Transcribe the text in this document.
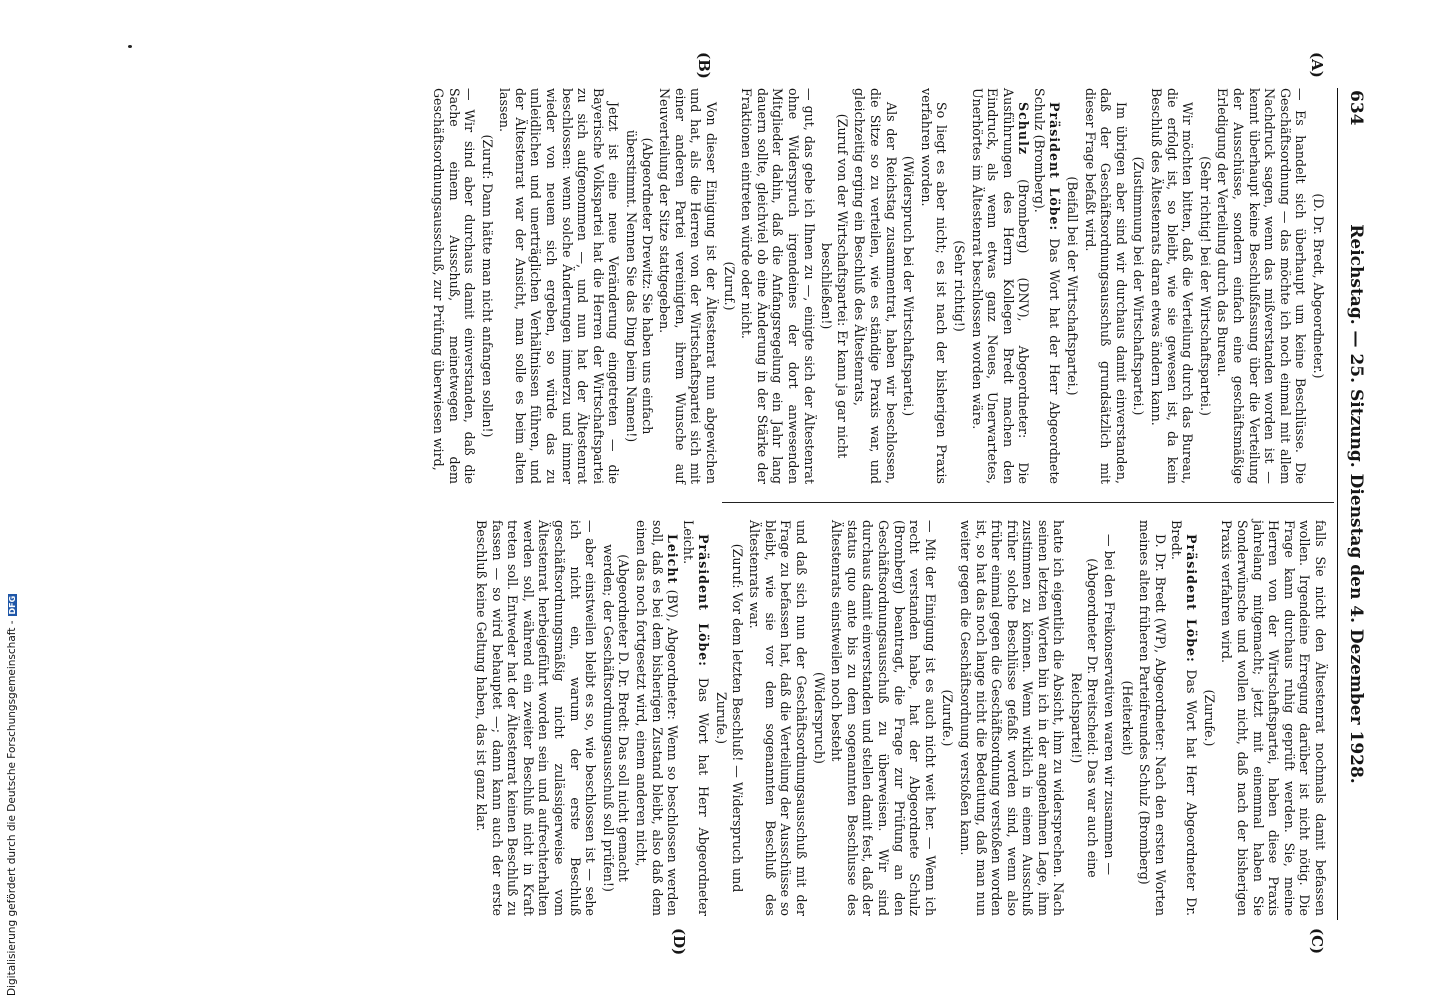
634
Reichstag. — 25. Sitzung. Dienstag den 4. Dezember 1928.
(A)
(B)
(C)
(D)

(D. Dr. Bredt, Abgeordneter.)

— Es handelt sich überhaupt um keine Beschlüsse. Die Geschäftsordnung — das möchte ich noch einmal mit allem Nachdruck sagen, wenn das mißverstanden worden ist — kennt überhaupt keine Beschlußfassung über die Verteilung der Ausschüsse, sondern einfach eine geschäftsmäßige Erledigung der Verteilung durch das Bureau.

(Sehr richtig! bei der Wirtschaftspartei.)

Wir möchten bitten, daß die Verteilung durch das Bureau, die erfolgt ist, so bleibt, wie sie gewesen ist, da kein Beschluß des Ältestenrats daran etwas ändern kann.

(Zustimmung bei der Wirtschaftspartei.)

Im übrigen aber sind wir durchaus damit einverstanden, daß der Geschäftsordnungsausschuß grundsätzlich mit dieser Frage befaßt wird.

(Beifall bei der Wirtschaftspartei.)

Präsident Löbe: Das Wort hat der Herr Abgeordnete Schulz (Bromberg).

Schulz (Bromberg) (DNV), Abgeordneter: Die Ausführungen des Herrn Kollegen Bredt machen den Eindruck, als wenn etwas ganz Neues, Unerwartetes, Unerhörtes im Ältestenrat beschlossen worden wäre.

(Sehr richtig!)

So liegt es aber nicht; es ist nach der bisherigen Praxis verfahren worden.

(Widerspruch bei der Wirtschaftspartei.)

Als der Reichstag zusammentrat, haben wir beschlossen, die Sitze so zu verteilen, wie es ständige Praxis war, und gleichzeitig erging ein Beschluß des Ältestenrats,

(Zuruf von der Wirtschaftspartei: Er kann ja gar nicht beschließen!)

— gut, das gebe ich Ihnen zu —, einigte sich der Ältestenrat ohne Widerspruch irgendeines der dort anwesenden Mitglieder dahin, daß die Anfangsregelung ein Jahr lang dauern sollte, gleichviel ob eine Änderung in der Stärke der Fraktionen eintreten würde oder nicht.

(Zuruf.)

Von dieser Einigung ist der Ältestenrat nun abgewichen und hat, als die Herren von der Wirtschaftspartei sich mit einer anderen Partei vereinigten, ihrem Wunsche auf Neuverteilung der Sitze stattgegeben.

(Abgeordneter Drewitz: Sie haben uns einfach überstimmt. Nennen Sie das Ding beim Namen!)

Jetzt ist eine neue Veränderung eingetreten — die Bayerische Volkspartei hat die Herren der Wirtschaftspartei zu sich aufgenommen —, und nun hat der Ältestenrat beschlossen: wenn solche Änderungen immerzu und immer wieder von neuem sich ergeben, so würde das zu unleidlichen und unerträglichen Verhältnissen führen, und der Ältestenrat war der Ansicht, man solle es beim alten lassen.

(Zuruf: Dann hätte man nicht anfangen sollen!)

— Wir sind aber durchaus damit einverstanden, daß die Sache einem Ausschuß, meinetwegen dem Geschäftsordnungsausschuß, zur Prüfung überwiesen wird,

falls Sie nicht den Ältestenrat nochmals damit befassen wollen. Irgendeine Erregung darüber ist nicht nötig. Die Frage kann durchaus ruhig geprüft werden. Sie, meine Herren von der Wirtschaftspartei, haben diese Praxis jahrelang mitgemacht; jetzt mit einemmal haben Sie Sonderwünsche und wollen nicht, daß nach der bisherigen Praxis verfahren wird.

(Zurufe.)

Präsident Löbe: Das Wort hat Herr Abgeordneter Dr. Bredt.

D. Dr. Bredt (WP), Abgeordneter: Nach den ersten Worten meines alten früheren Parteifreundes Schulz (Bromberg)

(Heiterkeit)

— bei den Freikonservativen waren wir zusammen —

(Abgeordneter Dr. Breitscheid: Das war auch eine Reichspartei!)

hatte ich eigentlich die Absicht, ihm zu widersprechen. Nach seinen letzten Worten bin ich in der angenehmen Lage, ihm zustimmen zu können. Wenn wirklich in einem Ausschuß früher solche Beschlüsse gefaßt worden sind, wenn also früher einmal gegen die Geschäftsordnung verstoßen worden ist, so hat das noch lange nicht die Bedeutung, daß man nun weiter gegen die Geschäftsordnung verstoßen kann.

(Zurufe.)

— Mit der Einigung ist es auch nicht weit her. — Wenn ich recht verstanden habe, hat der Abgeordnete Schulz (Bromberg) beantragt, die Frage zur Prüfung an den Geschäftsordnungsausschuß zu überweisen. Wir sind durchaus damit einverstanden und stellen damit fest, daß der status quo ante bis zu dem sogenannten Beschlusse des Ältestenrats einstweilen noch besteht

(Widerspruch)

und daß sich nun der Geschäftsordnungsausschuß mit der Frage zu befassen hat, daß die Verteilung der Ausschüsse so bleibt, wie sie vor dem sogenannten Beschluß des Ältestenrats war.

(Zuruf: Vor dem letzten Beschluß! — Widerspruch und Zurufe.)

Präsident Löbe: Das Wort hat Herr Abgeordneter Leicht.

Leicht (BV), Abgeordneter: Wenn so beschlossen werden soll, daß es bei dem bisherigen Zustand bleibt, also daß dem einen das noch fortgesetzt wird, einem anderen nicht,

(Abgeordneter D. Dr. Bredt: Das soll nicht gemacht werden; der Geschäftsordnungsausschuß soll prüfen!)

— aber einstweilen bleibt es so, wie beschlossen ist — sehe ich nicht ein, warum der erste Beschluß geschäftsordnungsmäßig nicht zulässigerweise vom Ältestenrat herbeigeführt worden sein und aufrechterhalten werden soll, während ein zweiter Beschluß nicht in Kraft treten soll. Entweder hat der Ältestenrat keinen Beschluß zu fassen — so wird behauptet —; dann kann auch der erste Beschluß keine Geltung haben, das ist ganz klar.

Digitalisierung gefördert durch die Deutsche Forschungsgemeinschaft -DFG
